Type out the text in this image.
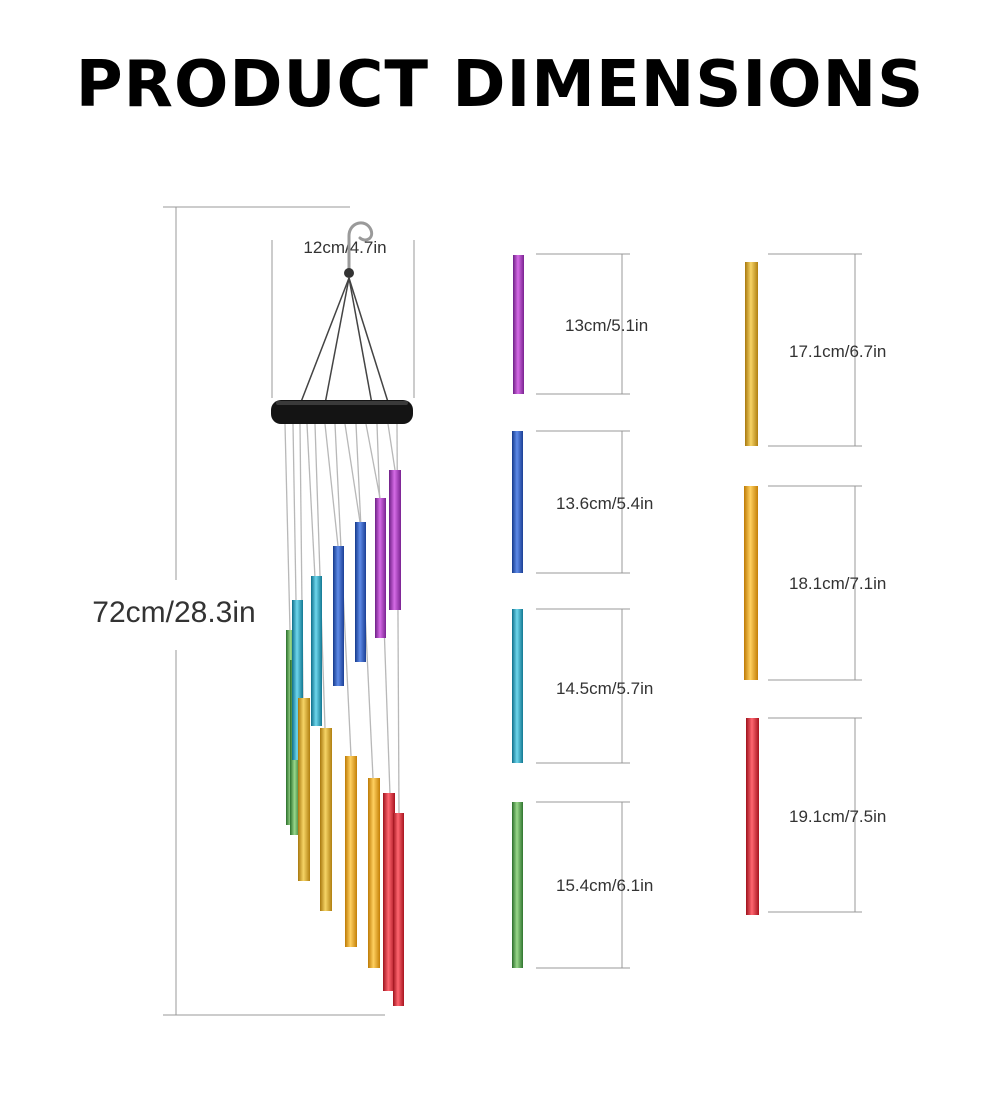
PRODUCT DIMENSIONS
72cm/28.3in
12cm/4.7in
13cm/5.1in
13.6cm/5.4in
14.5cm/5.7in
15.4cm/6.1in
17.1cm/6.7in
18.1cm/7.1in
19.1cm/7.5in
